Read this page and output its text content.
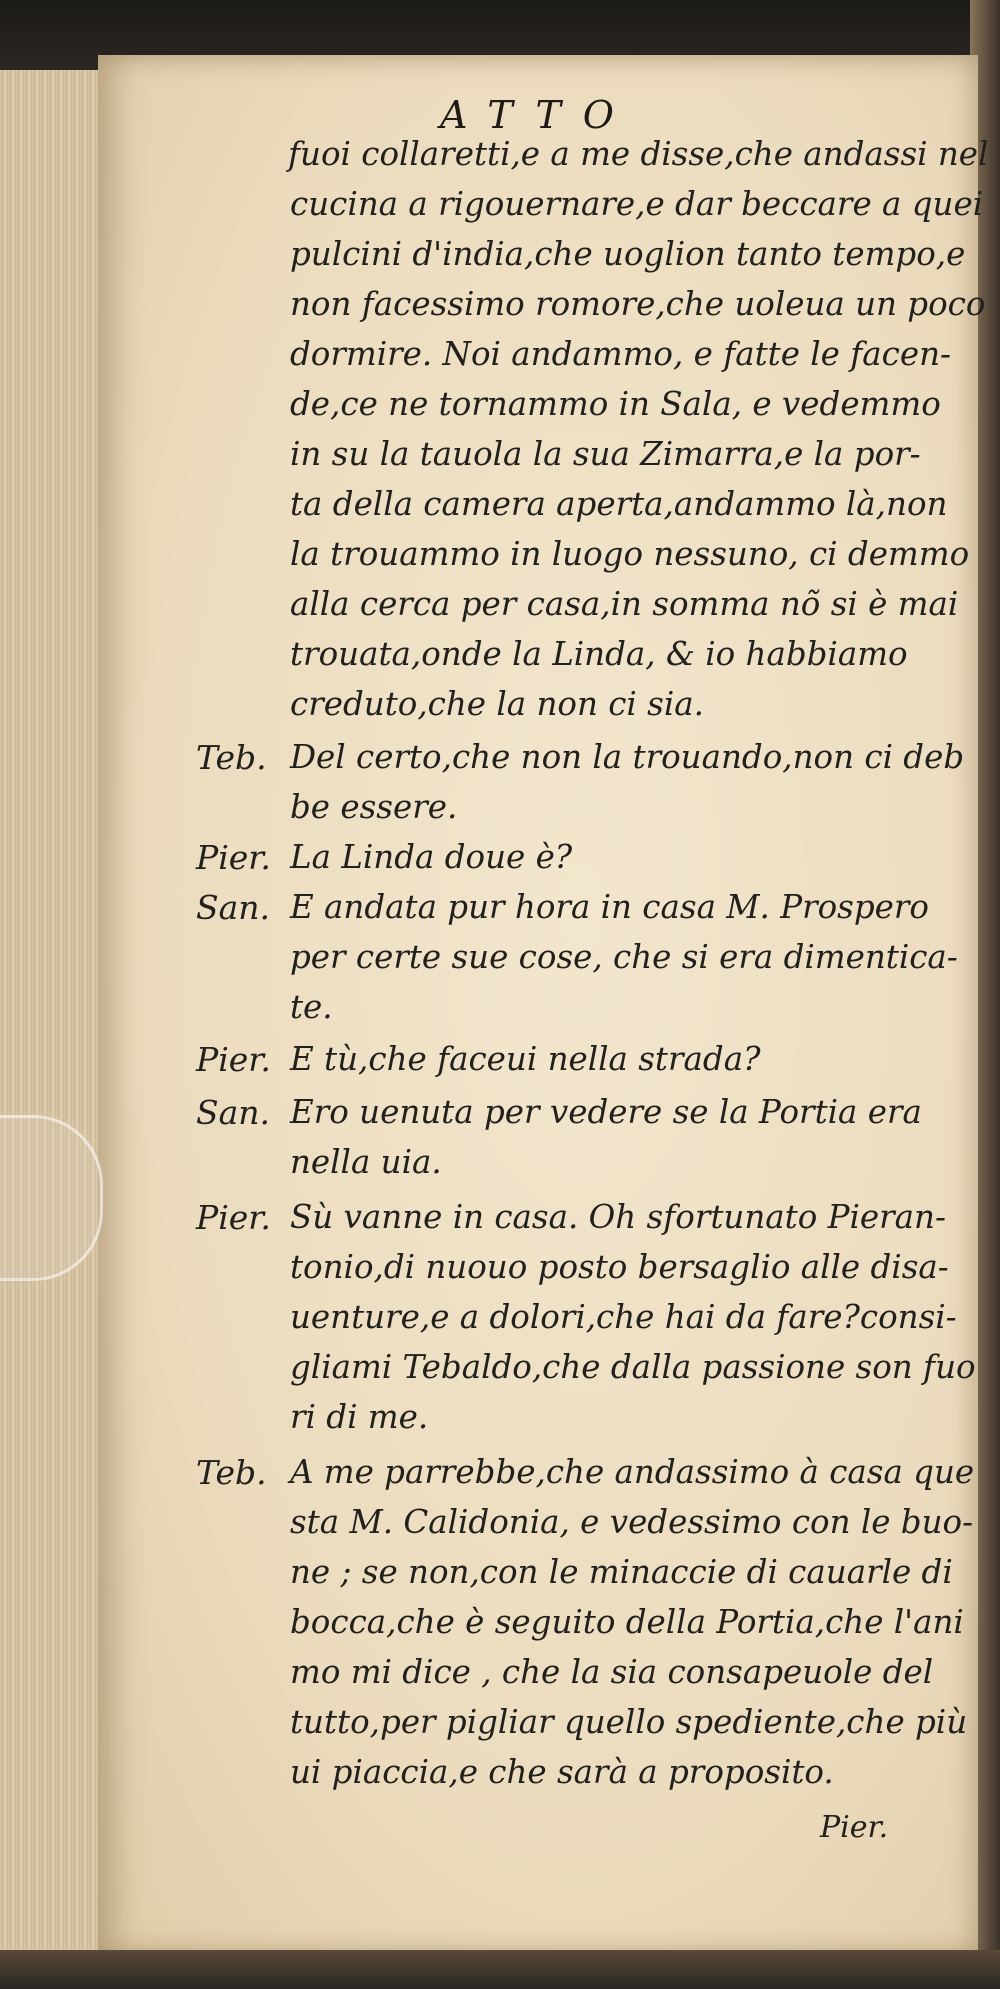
ATTO
fuoi collaretti,e a me disse,che andassi nel
cucina a rigouernare,e dar beccare a quei
pulcini d'india,che uoglion tanto tempo,e
non facessimo romore,che uoleua un poco
dormire. Noi andammo, e fatte le facen-
de,ce ne tornammo in Sala, e vedemmo
in su la tauola la sua Zimarra,e la por-
ta della camera aperta,andammo là,non
la trouammo in luogo nessuno, ci demmo
alla cerca per casa,in somma nõ si è mai
trouata,onde la Linda, & io habbiamo
creduto,che la non ci sia.
Teb. Del certo,che non la trouando,non ci deb
be essere.
Pier. La Linda doue è?
San. E andata pur hora in casa M. Prospero
per certe sue cose, che si era dimentica-
te.
Pier. E tù,che faceui nella strada?
San. Ero uenuta per vedere se la Portia era
nella uia.
Pier. Sù vanne in casa. Oh sfortunato Pieran-
tonio,di nuouo posto bersaglio alle disa-
uenture,e a dolori,che hai da fare?consi-
gliami Tebaldo,che dalla passione son fuo
ri di me.
Teb. A me parrebbe,che andassimo à casa que
sta M. Calidonia, e vedessimo con le buo-
ne ; se non,con le minaccie di cauarle di
bocca,che è seguito della Portia,che l'ani
mo mi dice , che la sia consapeuole del
tutto,per pigliar quello spediente,che più
ui piaccia,e che sarà a proposito.
Pier.
